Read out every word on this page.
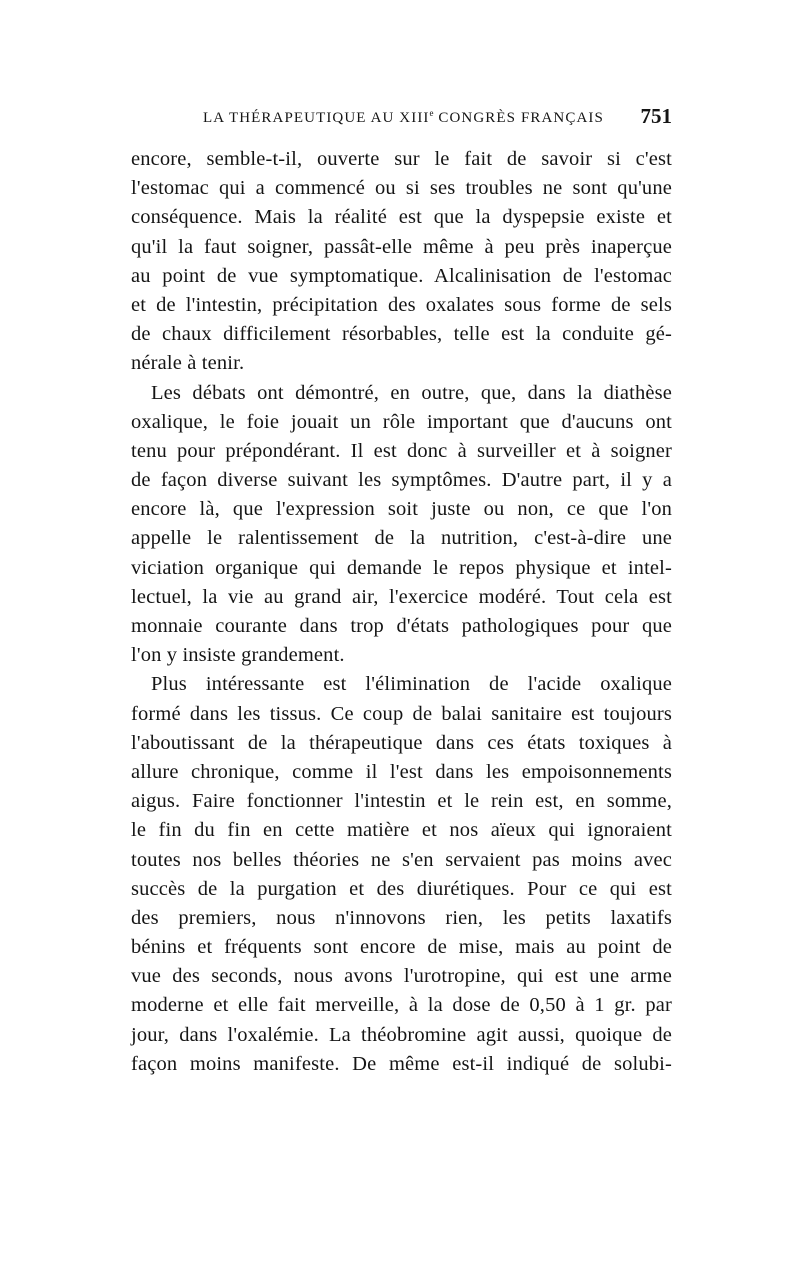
LA THÉRAPEUTIQUE AU XIIIe CONGRÈS FRANÇAIS 751
encore, semble-t-il, ouverte sur le fait de savoir si c'est
l'estomac qui a commencé ou si ses troubles ne sont qu'une
conséquence. Mais la réalité est que la dyspepsie existe et
qu'il la faut soigner, passât-elle même à peu près inaperçue
au point de vue symptomatique. Alcalinisation de l'estomac
et de l'intestin, précipitation des oxalates sous forme de sels
de chaux difficilement résorbables, telle est la conduite gé-
nérale à tenir.
Les débats ont démontré, en outre, que, dans la diathèse
oxalique, le foie jouait un rôle important que d'aucuns ont
tenu pour prépondérant. Il est donc à surveiller et à soigner
de façon diverse suivant les symptômes. D'autre part, il y a
encore là, que l'expression soit juste ou non, ce que l'on
appelle le ralentissement de la nutrition, c'est-à-dire une
viciation organique qui demande le repos physique et intel-
lectuel, la vie au grand air, l'exercice modéré. Tout cela est
monnaie courante dans trop d'états pathologiques pour que
l'on y insiste grandement.
Plus intéressante est l'élimination de l'acide oxalique
formé dans les tissus. Ce coup de balai sanitaire est toujours
l'aboutissant de la thérapeutique dans ces états toxiques à
allure chronique, comme il l'est dans les empoisonnements
aigus. Faire fonctionner l'intestin et le rein est, en somme,
le fin du fin en cette matière et nos aïeux qui ignoraient
toutes nos belles théories ne s'en servaient pas moins avec
succès de la purgation et des diurétiques. Pour ce qui est
des premiers, nous n'innovons rien, les petits laxatifs
bénins et fréquents sont encore de mise, mais au point de
vue des seconds, nous avons l'urotropine, qui est une arme
moderne et elle fait merveille, à la dose de 0,50 à 1 gr. par
jour, dans l'oxalémie. La théobromine agit aussi, quoique de
façon moins manifeste. De même est-il indiqué de solubi-
